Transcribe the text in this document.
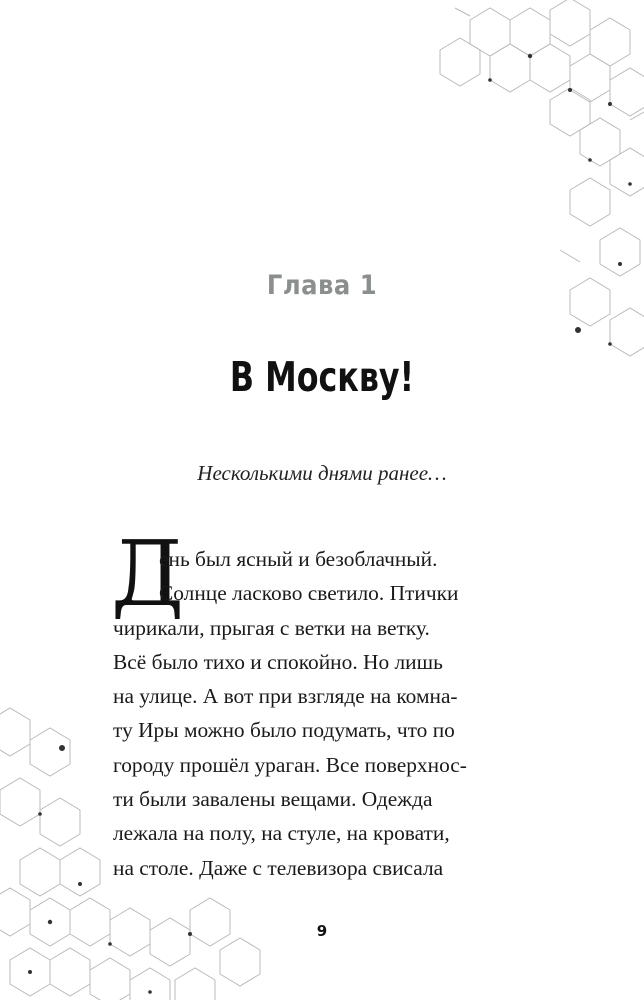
Глава 1
В Москву!
Несколькими днями ранее…
Д
ень был ясный и безоблачный.
Солнце ласково светило. Птички
чирикали, прыгая с ветки на ветку.
Всё было тихо и спокойно. Но лишь
на улице. А вот при взгляде на комна-
ту Иры можно было подумать, что по
городу прошёл ураган. Все поверхнос-
ти были завалены вещами. Одежда
лежала на полу, на стуле, на кровати,
на столе. Даже с телевизора свисала
9
